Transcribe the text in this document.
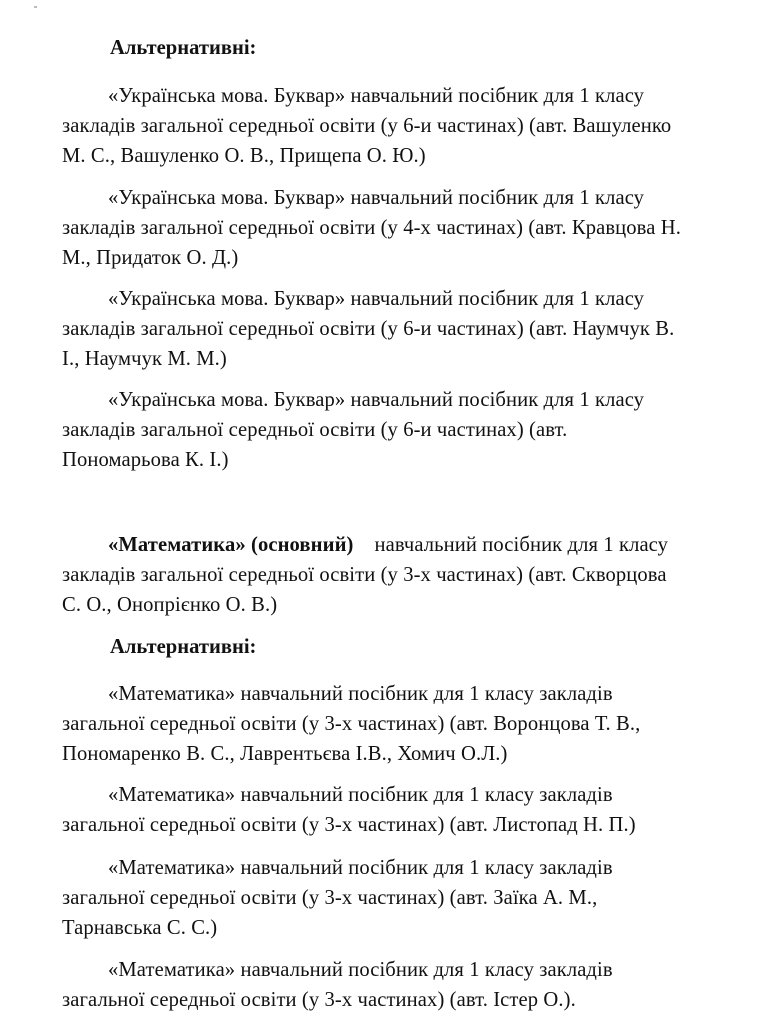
Альтернативні:
«Українська мова. Буквар» навчальний посібник для 1 класу
закладів загальної середньої освіти (у 6-и частинах) (авт. Вашуленко
М. С., Вашуленко О. В., Прищепа О. Ю.)
«Українська мова. Буквар» навчальний посібник для 1 класу
закладів загальної середньої освіти (у 4-х частинах) (авт. Кравцова Н.
М., Придаток О. Д.)
«Українська мова. Буквар» навчальний посібник для 1 класу
закладів загальної середньої освіти (у 6-и частинах) (авт. Наумчук В.
І., Наумчук М. М.)
«Українська мова. Буквар» навчальний посібник для 1 класу
закладів загальної середньої освіти (у 6-и частинах) (авт.
Пономарьова К. І.)
«Математика» (основний) навчальний посібник для 1 класу
закладів загальної середньої освіти (у 3-х частинах) (авт. Скворцова
С. О., Онопрієнко О. В.)
Альтернативні:
«Математика» навчальний посібник для 1 класу закладів
загальної середньої освіти (у 3-х частинах) (авт. Воронцова Т. В.,
Пономаренко В. С., Лаврентьєва І.В., Хомич О.Л.)
«Математика» навчальний посібник для 1 класу закладів
загальної середньої освіти (у 3-х частинах) (авт. Листопад Н. П.)
«Математика» навчальний посібник для 1 класу закладів
загальної середньої освіти (у 3-х частинах) (авт. Заїка А. М.,
Тарнавська С. С.)
«Математика» навчальний посібник для 1 класу закладів
загальної середньої освіти (у 3-х частинах) (авт. Істер О.).
